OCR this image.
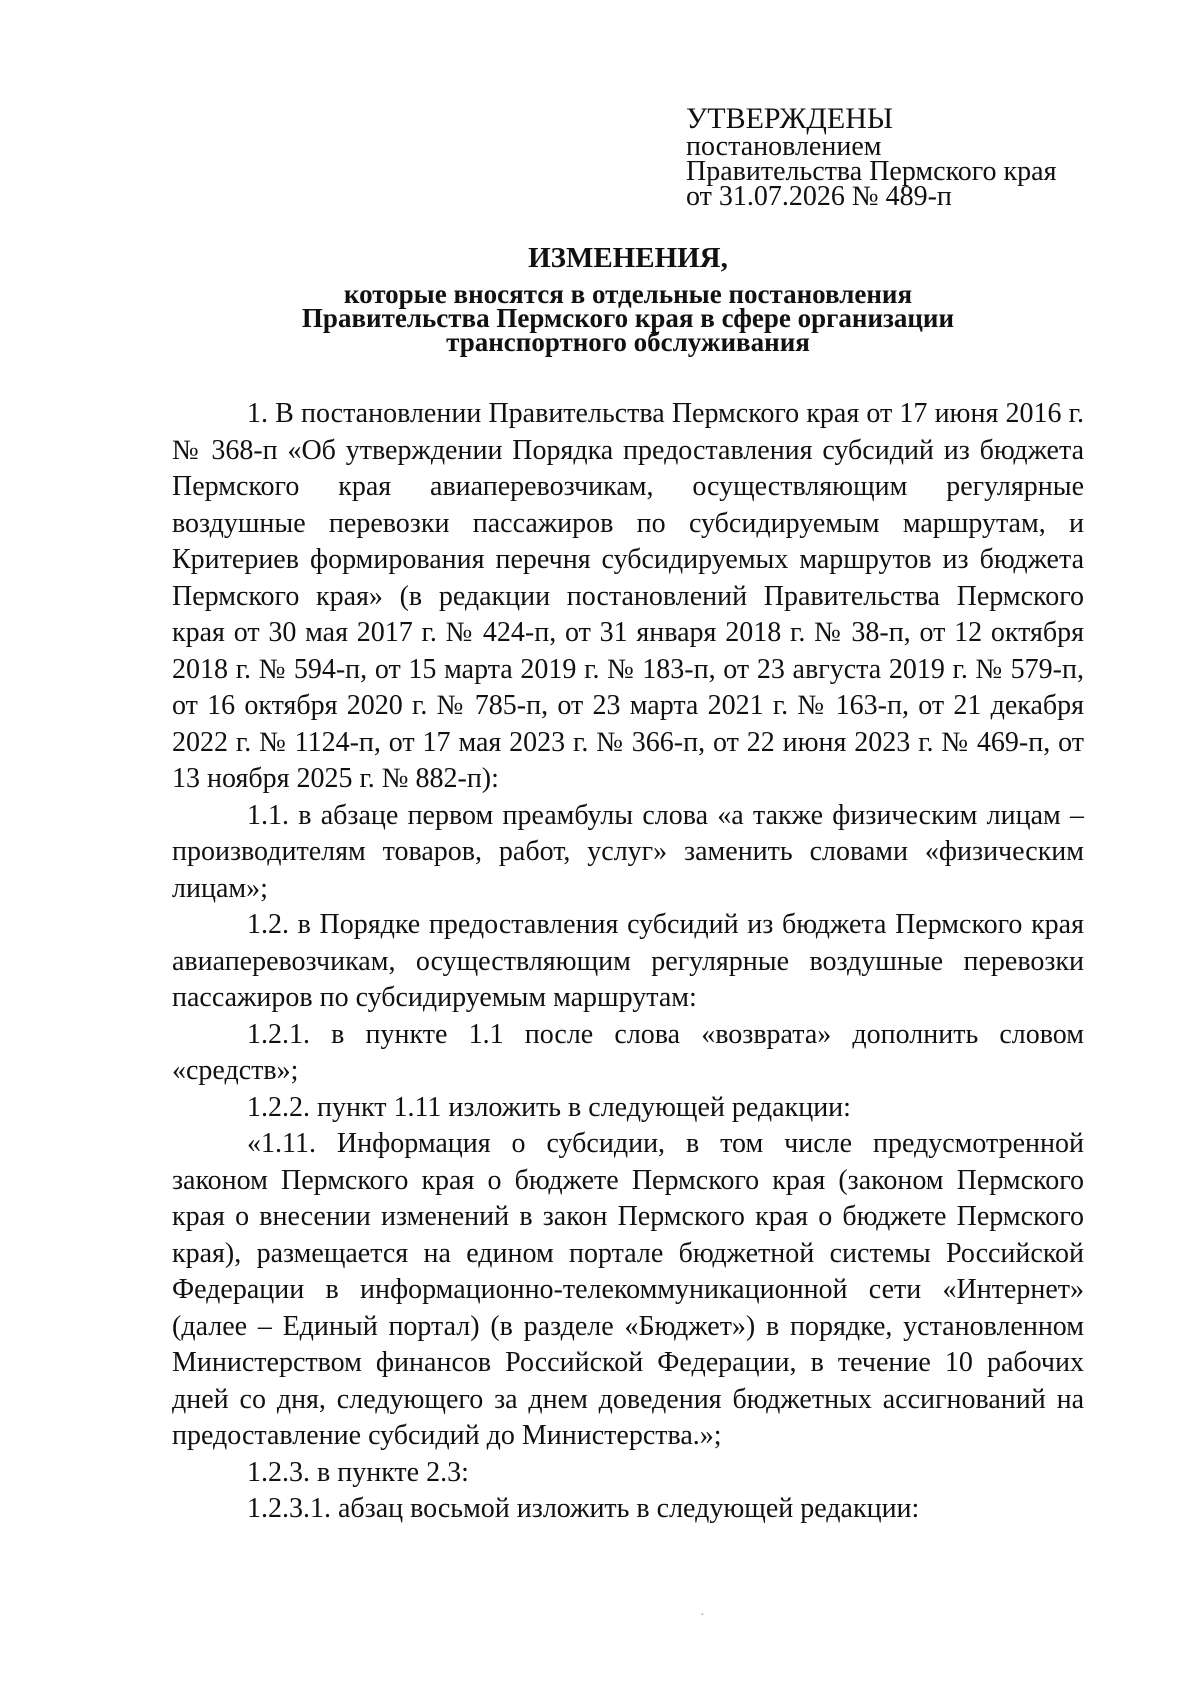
УТВЕРЖДЕНЫ
постановлением
Правительства Пермского края
от 31.07.2026 № 489-п
ИЗМЕНЕНИЯ,
которые вносятся в отдельные постановления
Правительства Пермского края в сфере организации
транспортного обслуживания

1. В постановлении Правительства Пермского края от 17 июня 2016 г. № 368-п «Об утверждении Порядка предоставления субсидий из бюджета Пермского края авиаперевозчикам, осуществляющим регулярные воздушные перевозки пассажиров по субсидируемым маршрутам, и Критериев формирования перечня субсидируемых маршрутов из бюджета Пермского края» (в редакции постановлений Правительства Пермского края от 30 мая 2017 г. № 424-п, от 31 января 2018 г. № 38-п, от 12 октября 2018 г. № 594-п, от 15 марта 2019 г. № 183-п, от 23 августа 2019 г. № 579-п, от 16 октября 2020 г. № 785-п, от 23 марта 2021 г. № 163-п, от 21 декабря 2022 г. № 1124-п, от 17 мая 2023 г. № 366-п, от 22 июня 2023 г. № 469-п, от 13 ноября 2025 г. № 882-п):

1.1. в абзаце первом преамбулы слова «а также физическим лицам – производителям товаров, работ, услуг» заменить словами «физическим лицам»;

1.2. в Порядке предоставления субсидий из бюджета Пермского края авиаперевозчикам, осуществляющим регулярные воздушные перевозки пассажиров по субсидируемым маршрутам:

1.2.1. в пункте 1.1 после слова «возврата» дополнить словом «средств»;

1.2.2. пункт 1.11 изложить в следующей редакции:

«1.11. Информация о субсидии, в том числе предусмотренной законом Пермского края о бюджете Пермского края (законом Пермского края о внесении изменений в закон Пермского края о бюджете Пермского края), размещается на едином портале бюджетной системы Российской Федерации в информационно-телекоммуникационной сети «Интернет» (далее – Единый портал) (в разделе «Бюджет») в порядке, установленном Министерством финансов Российской Федерации, в течение 10 рабочих дней со дня, следующего за днем доведения бюджетных ассигнований на предоставление субсидий до Министерства.»;

1.2.3. в пункте 2.3:

1.2.3.1. абзац восьмой изложить в следующей редакции:

·
